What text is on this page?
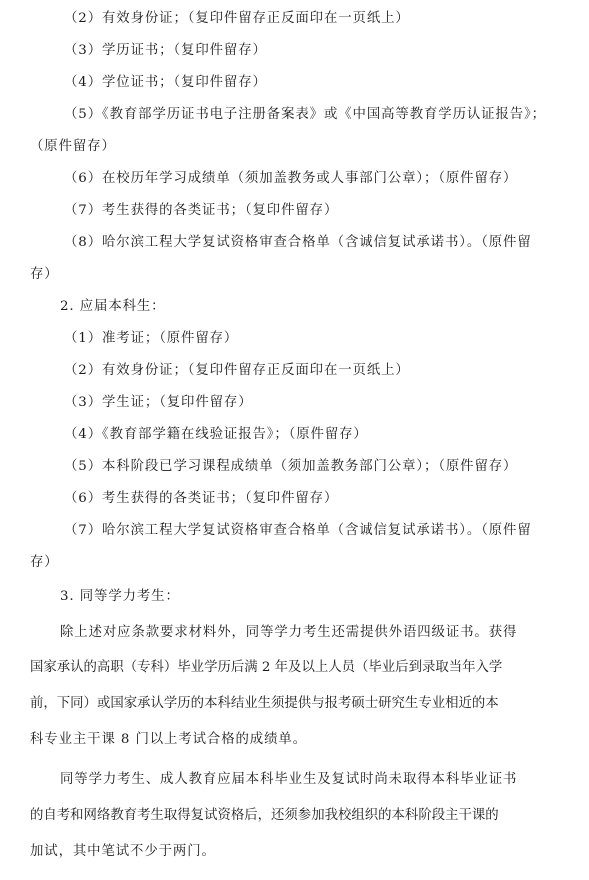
（2）有效身份证；（复印件留存正反面印在一页纸上）
（3）学历证书；（复印件留存）
（4）学位证书；（复印件留存）
（5）《教育部学历证书电子注册备案表》或《中国高等教育学历认证报告》；
（原件留存）
（6）在校历年学习成绩单（须加盖教务或人事部门公章）；（原件留存）
（7）考生获得的各类证书；（复印件留存）
（8）哈尔滨工程大学复试资格审查合格单（含诚信复试承诺书）。（原件留
存）
2. 应届本科生：
（1）准考证；（原件留存）
（2）有效身份证；（复印件留存正反面印在一页纸上）
（3）学生证；（复印件留存）
（4）《教育部学籍在线验证报告》；（原件留存）
（5）本科阶段已学习课程成绩单（须加盖教务部门公章）；（原件留存）
（6）考生获得的各类证书；（复印件留存）
（7）哈尔滨工程大学复试资格审查合格单（含诚信复试承诺书）。（原件留
存）
3. 同等学力考生：
除上述对应条款要求材料外，同等学力考生还需提供外语四级证书。获得
国家承认的高职（专科）毕业学历后满 2 年及以上人员（毕业后到录取当年入学
前，下同）或国家承认学历的本科结业生须提供与报考硕士研究生专业相近的本
科专业主干课 8 门以上考试合格的成绩单。
同等学力考生、成人教育应届本科毕业生及复试时尚未取得本科毕业证书
的自考和网络教育考生取得复试资格后，还须参加我校组织的本科阶段主干课的
加试，其中笔试不少于两门。
